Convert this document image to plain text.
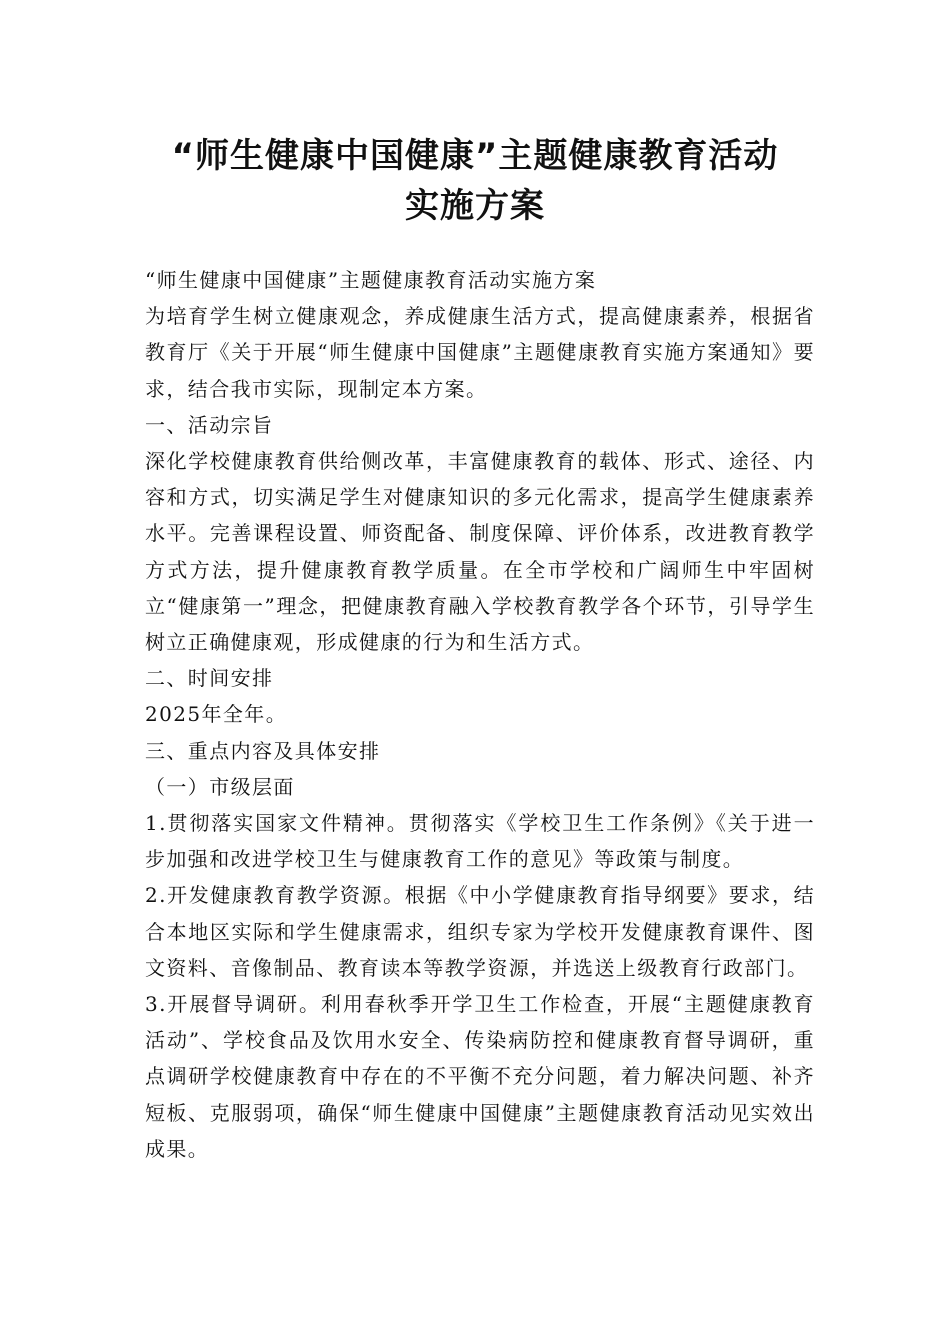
“师生健康中国健康”主题健康教育活动
实施方案

“师生健康中国健康”主题健康教育活动实施方案

为培育学生树立健康观念，养成健康生活方式，提高健康素养，根据省教育厅《关于开展“师生健康中国健康”主题健康教育实施方案通知》要求，结合我市实际，现制定本方案。

一、活动宗旨

深化学校健康教育供给侧改革，丰富健康教育的载体、形式、途径、内容和方式，切实满足学生对健康知识的多元化需求，提高学生健康素养水平。完善课程设置、师资配备、制度保障、评价体系，改进教育教学方式方法，提升健康教育教学质量。在全市学校和广阔师生中牢固树立“健康第一”理念，把健康教育融入学校教育教学各个环节，引导学生树立正确健康观，形成健康的行为和生活方式。

二、时间安排

2025年全年。

三、重点内容及具体安排

（一）市级层面

1.贯彻落实国家文件精神。贯彻落实《学校卫生工作条例》《关于进一步加强和改进学校卫生与健康教育工作的意见》等政策与制度。

2.开发健康教育教学资源。根据《中小学健康教育指导纲要》要求，结合本地区实际和学生健康需求，组织专家为学校开发健康教育课件、图文资料、音像制品、教育读本等教学资源，并选送上级教育行政部门。

3.开展督导调研。利用春秋季开学卫生工作检查，开展“主题健康教育活动”、学校食品及饮用水安全、传染病防控和健康教育督导调研，重点调研学校健康教育中存在的不平衡不充分问题，着力解决问题、补齐短板、克服弱项，确保“师生健康中国健康”主题健康教育活动见实效出成果。
